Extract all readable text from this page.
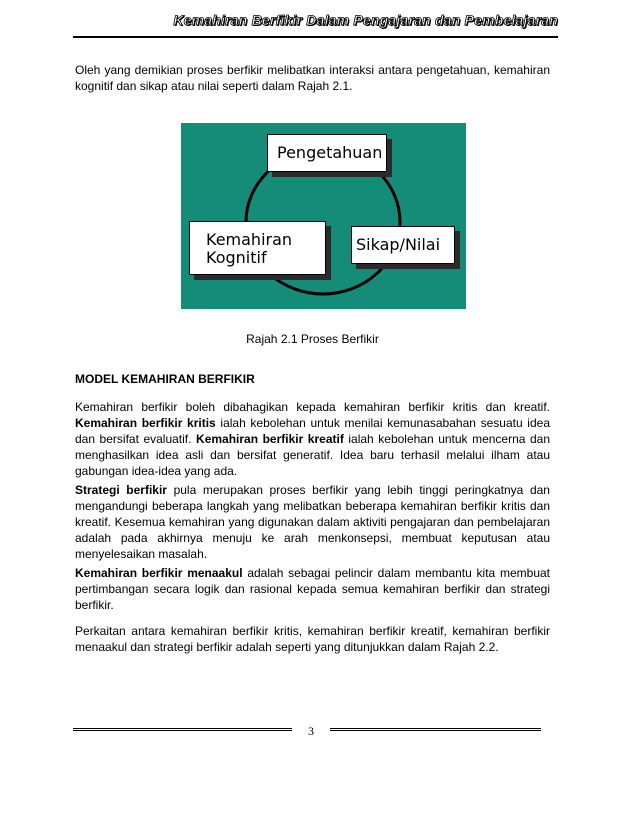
Kemahiran Berfikir Dalam Pengajaran dan Pembelajaran

Oleh yang demikian proses berfikir melibatkan interaksi antara pengetahuan, kemahiran kognitif dan sikap atau nilai seperti dalam Rajah 2.1.

Pengetahuan
Kemahiran
Kognitif
Sikap/Nilai
Rajah 2.1 Proses Berfikir
MODEL KEMAHIRAN BERFIKIR

Kemahiran berfikir boleh dibahagikan kepada kemahiran berfikir kritis dan kreatif. Kemahiran berfikir kritis ialah kebolehan untuk menilai kemunasabahan sesuatu idea dan bersifat evaluatif. Kemahiran berfikir kreatif ialah kebolehan untuk mencerna dan menghasilkan idea asli dan bersifat generatif. Idea baru terhasil melalui ilham atau gabungan idea-idea yang ada.

Strategi berfikir pula merupakan proses berfikir yang lebih tinggi peringkatnya dan mengandungi beberapa langkah yang melibatkan beberapa kemahiran berfikir kritis dan kreatif. Kesemua kemahiran yang digunakan dalam aktiviti pengajaran dan pembelajaran adalah pada akhirnya menuju ke arah menkonsepsi, membuat keputusan atau menyelesaikan masalah.

Kemahiran berfikir menaakul adalah sebagai pelincir dalam membantu kita membuat pertimbangan secara logik dan rasional kepada semua kemahiran berfikir dan strategi berfikir.

Perkaitan antara kemahiran berfikir kritis, kemahiran berfikir kreatif, kemahiran berfikir menaakul dan strategi berfikir adalah seperti yang ditunjukkan dalam Rajah 2.2.

3
